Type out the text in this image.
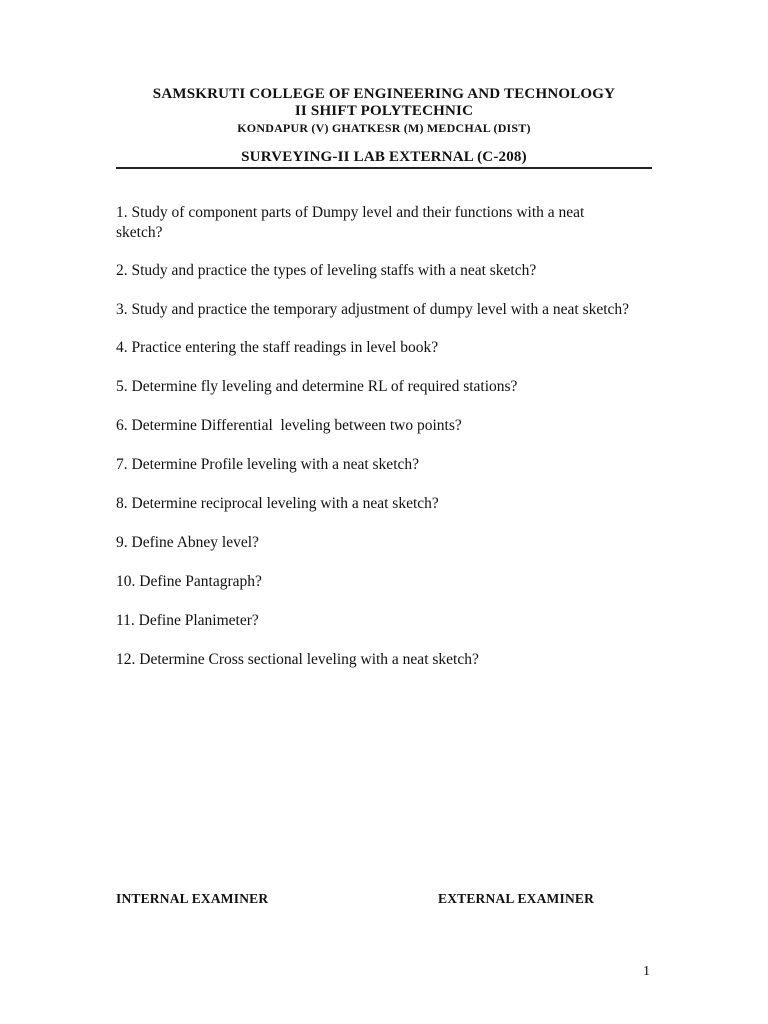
SAMSKRUTI COLLEGE OF ENGINEERING AND TECHNOLOGY
II SHIFT POLYTECHNIC
KONDAPUR (V) GHATKESR (M) MEDCHAL (DIST)
SURVEYING-II LAB EXTERNAL (C-208)
1. Study of component parts of Dumpy level and their functions with a neat     sketch?
2. Study and practice the types of leveling staffs with a neat sketch?
3. Study and practice the temporary adjustment of dumpy level with a neat sketch?
4. Practice entering the staff readings in level book?
5. Determine fly leveling and determine RL of required stations?
6. Determine Differential  leveling between two points?
7. Determine Profile leveling with a neat sketch?
8. Determine reciprocal leveling with a neat sketch?
9. Define Abney level?
10. Define Pantagraph?
11. Define Planimeter?
12. Determine Cross sectional leveling with a neat sketch?
INTERNAL EXAMINER	EXTERNAL EXAMINER
1
